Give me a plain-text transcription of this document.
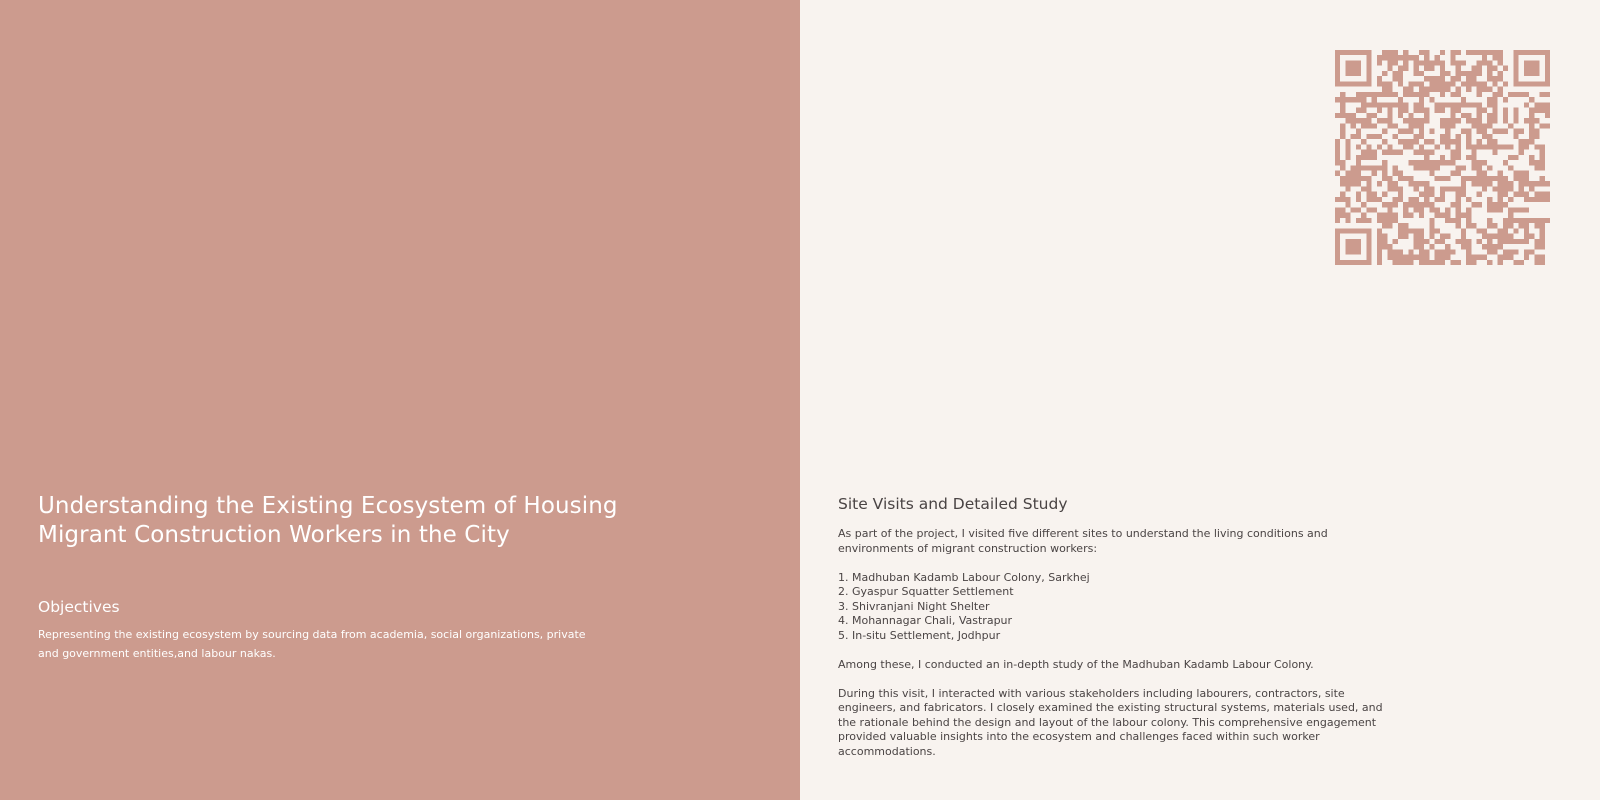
Understanding the Existing Ecosystem of Housing Migrant Construction Workers in the City
Objectives

Representing the existing ecosystem by sourcing data from academia, social organizations, private and government entities,and labour nakas.

Site Visits and Detailed Study

As part of the project, I visited five different sites to understand the living conditions and environments of migrant construction workers:

1. Madhuban Kadamb Labour Colony, Sarkhej
2. Gyaspur Squatter Settlement
3. Shivranjani Night Shelter
4. Mohannagar Chali, Vastrapur
5. In-situ Settlement, Jodhpur

Among these, I conducted an in-depth study of the Madhuban Kadamb Labour Colony.

During this visit, I interacted with various stakeholders including labourers, contractors, site engineers, and fabricators. I closely examined the existing structural systems, materials used, and the rationale behind the design and layout of the labour colony. This comprehensive engagement provided valuable insights into the ecosystem and challenges faced within such worker accommodations.
